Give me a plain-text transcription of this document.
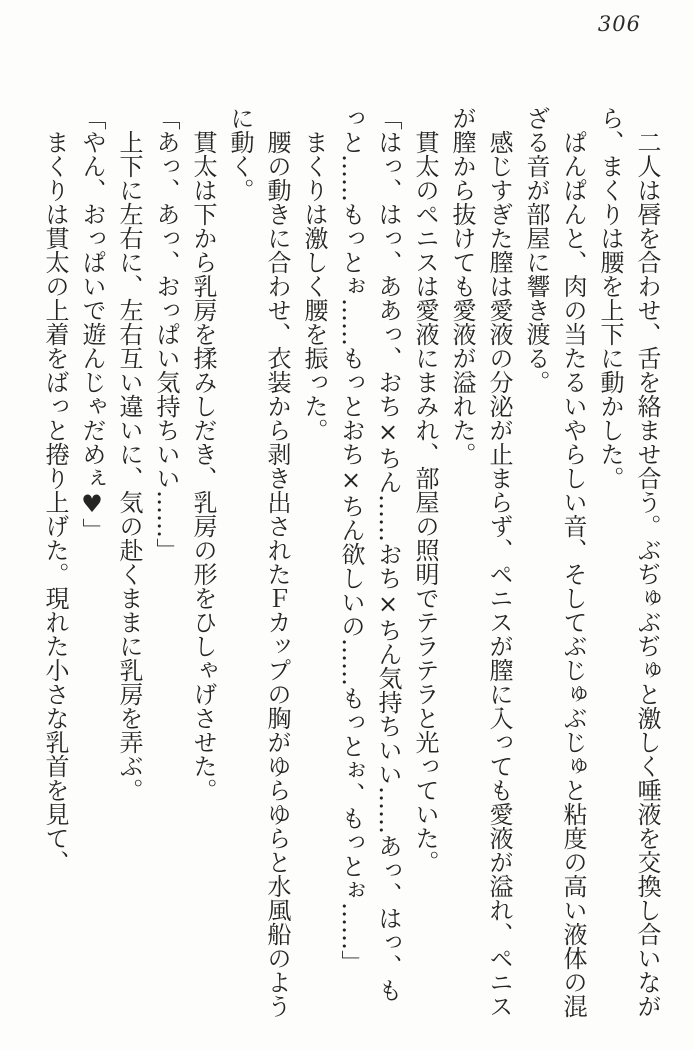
306

　二人は唇を合わせ、舌を絡ませ合う。ぶぢゅぶぢゅと激しく唾液を交換し合いながら、まくりは腰を上下に動かした。

　ぱんぱんと、肉の当たるいやらしい音、そしてぶじゅぶじゅと粘度の高い液体の混ざる音が部屋に響き渡る。

　感じすぎた膣は愛液の分泌が止まらず、ペニスが膣に入っても愛液が溢れ、ペニスが膣から抜けても愛液が溢れた。

　貫太のペニスは愛液にまみれ、部屋の照明でテラテラと光っていた。

「はっ、はっ、ああっ、おち×ちん……おち×ちん気持ちいい……あっ、はっ、もっと……もっとぉ……もっとおち×ちん欲しいの……もっとぉ、もっとぉ……」

　まくりは激しく腰を振った。

　腰の動きに合わせ、衣装から剥き出されたＦカップの胸がゆらゆらと水風船のように動く。

　貫太は下から乳房を揉みしだき、乳房の形をひしゃげさせた。

「あっ、あっ、おっぱい気持ちいい……」

　上下に左右に、左右互い違いに、気の赴くままに乳房を弄ぶ。

「やん、おっぱいで遊んじゃだめぇ♥」

　まくりは貫太の上着をばっと捲り上げた。現れた小さな乳首を見て、
